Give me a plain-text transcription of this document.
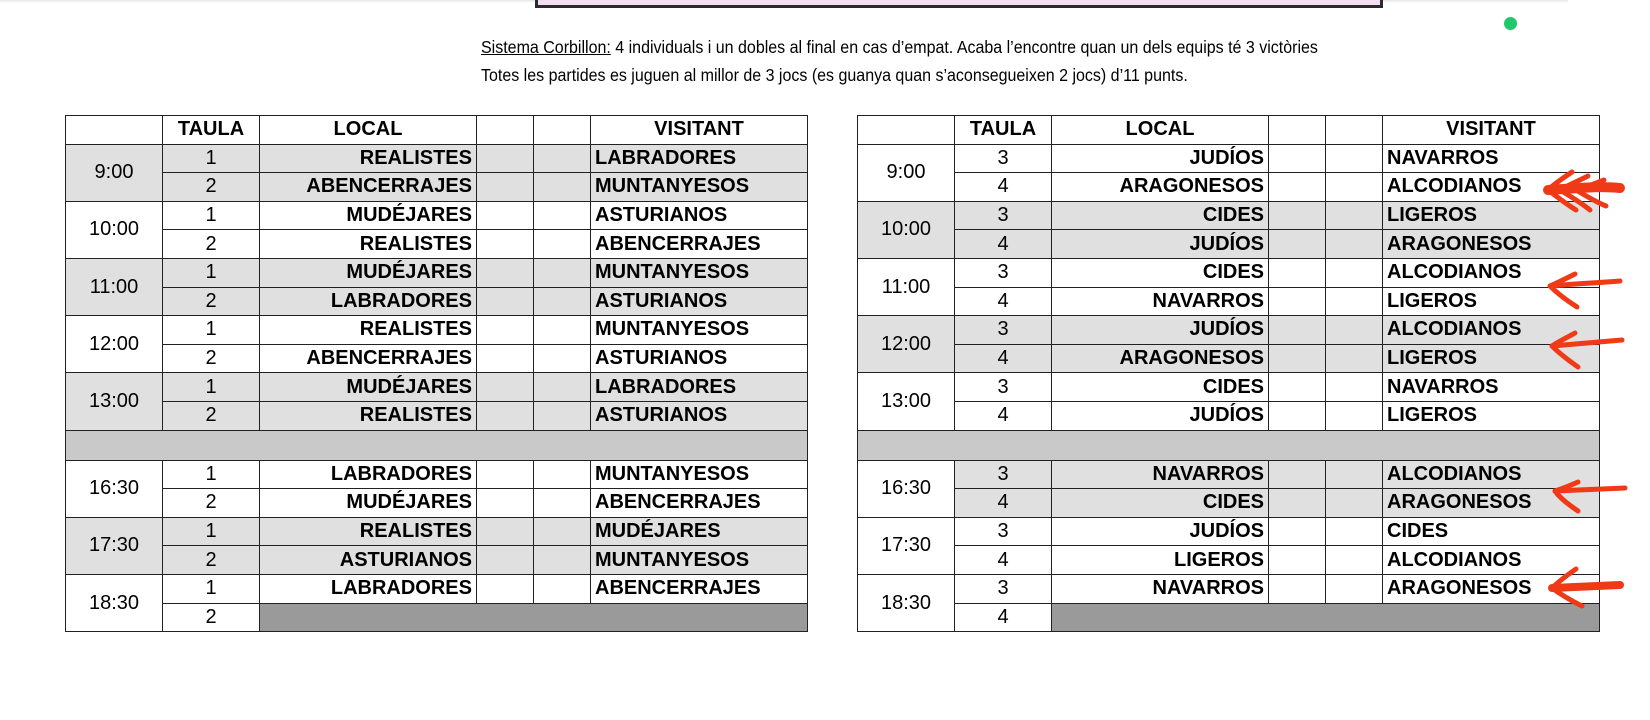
Sistema Corbillon: 4 individuals i un dobles al final en cas d’empat. Acaba l’encontre quan un dels equips té 3 victòries
Totes les partides es juguen al millor de 3 jocs (es guanya quan s’aconsegueixen 2 jocs) d’11 punts.
	TAULA	LOCAL			VISITANT
9:00	1	REALISTES			LABRADORES
	2	ABENCERRAJES			MUNTANYESOS
10:00	1	MUDÉJARES			ASTURIANOS
	2	REALISTES			ABENCERRAJES
11:00	1	MUDÉJARES			MUNTANYESOS
	2	LABRADORES			ASTURIANOS
12:00	1	REALISTES			MUNTANYESOS
	2	ABENCERRAJES			ASTURIANOS
13:00	1	MUDÉJARES			LABRADORES
	2	REALISTES			ASTURIANOS

16:30	1	LABRADORES			MUNTANYESOS
	2	MUDÉJARES			ABENCERRAJES
17:30	1	REALISTES			MUDÉJARES
	2	ASTURIANOS			MUNTANYESOS
18:30	1	LABRADORES			ABENCERRAJES
	2				
	TAULA	LOCAL			VISITANT
9:00	3	JUDÍOS			NAVARROS
	4	ARAGONESOS			ALCODIANOS
10:00	3	CIDES			LIGEROS
	4	JUDÍOS			ARAGONESOS
11:00	3	CIDES			ALCODIANOS
	4	NAVARROS			LIGEROS
12:00	3	JUDÍOS			ALCODIANOS
	4	ARAGONESOS			LIGEROS
13:00	3	CIDES			NAVARROS
	4	JUDÍOS			LIGEROS

16:30	3	NAVARROS			ALCODIANOS
	4	CIDES			ARAGONESOS
17:30	3	JUDÍOS			CIDES
	4	LIGEROS			ALCODIANOS
18:30	3	NAVARROS			ARAGONESOS
	4				
